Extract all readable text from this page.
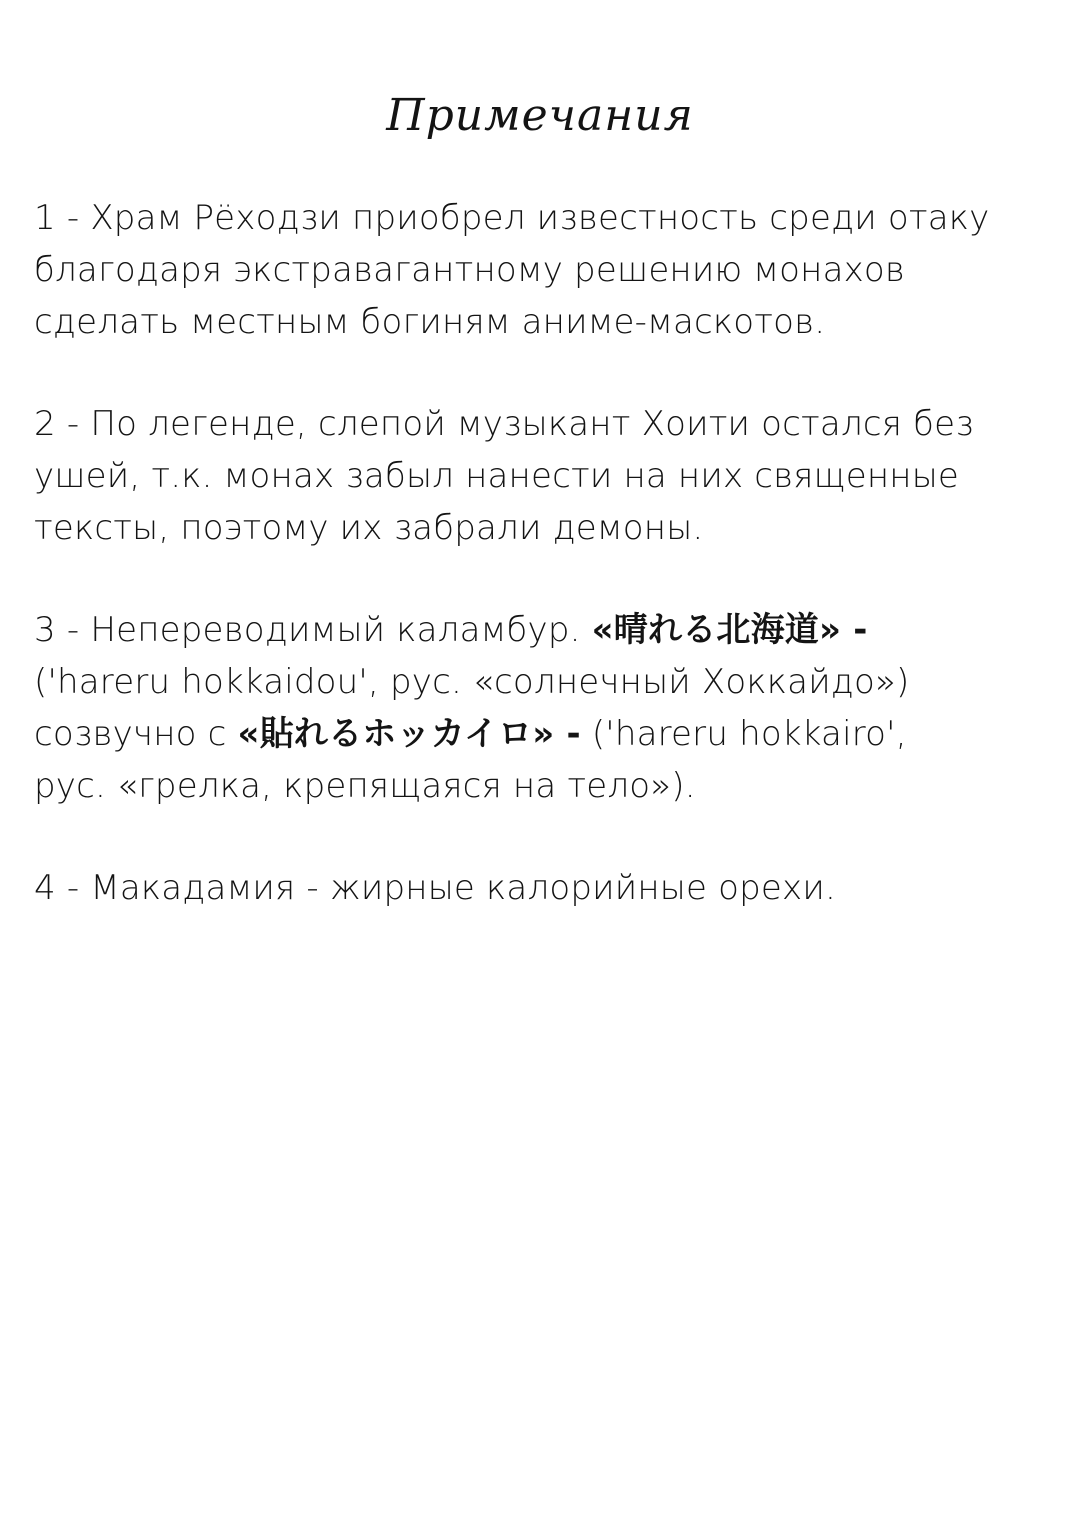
Примечания
1 - Храм Рёходзи приобрел известность среди отаку
благодаря экстравагантному решению монахов
сделать местным богиням аниме-маскотов.
2 - По легенде, слепой музыкант Хоити остался без
ушей, т.к. монах забыл нанести на них священные
тексты, поэтому их забрали демоны.
3 - Непереводимый каламбур. «晴れる北海道» -
('hareru hokkaidou', рус. «солнечный Хоккайдо»)
созвучно с «貼れるホッカイロ» - ('hareru hokkairo',
рус. «грелка, крепящаяся на тело»).
4 - Макадамия - жирные калорийные орехи.
